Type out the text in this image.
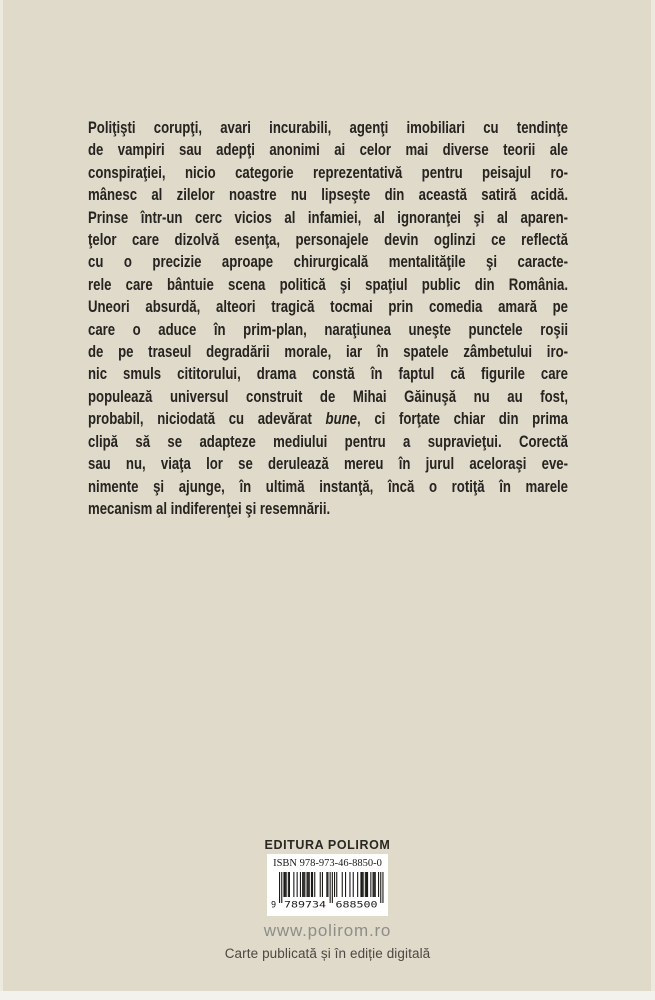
Poliţişti corupţi, avari incurabili, agenţi imobiliari cu tendinţe
de vampiri sau adepţi anonimi ai celor mai diverse teorii ale
conspiraţiei, nicio categorie reprezentativă pentru peisajul ro-
mânesc al zilelor noastre nu lipseşte din această satiră acidă.
Prinse într-un cerc vicios al infamiei, al ignoranţei şi al aparen-
ţelor care dizolvă esenţa, personajele devin oglinzi ce reflectă
cu o precizie aproape chirurgicală mentalităţile şi caracte-
rele care bântuie scena politică şi spaţiul public din România.
Uneori absurdă, alteori tragică tocmai prin comedia amară pe
care o aduce în prim-plan, naraţiunea uneşte punctele roşii
de pe traseul degradării morale, iar în spatele zâmbetului iro-
nic smuls cititorului, drama constă în faptul că figurile care
populează universul construit de Mihai Găinuşă nu au fost,
probabil, niciodată cu adevărat bune, ci forţate chiar din prima
clipă să se adapteze mediului pentru a supravieţui. Corectă
sau nu, viaţa lor se derulează mereu în jurul aceloraşi eve-
nimente şi ajunge, în ultimă instanţă, încă o rotiţă în marele
mecanism al indiferenţei şi resemnării.
EDITURA POLIROM
ISBN 978-973-46-8850-0
9 789734 688500
www.polirom.ro
Carte publicată și în ediție digitală
